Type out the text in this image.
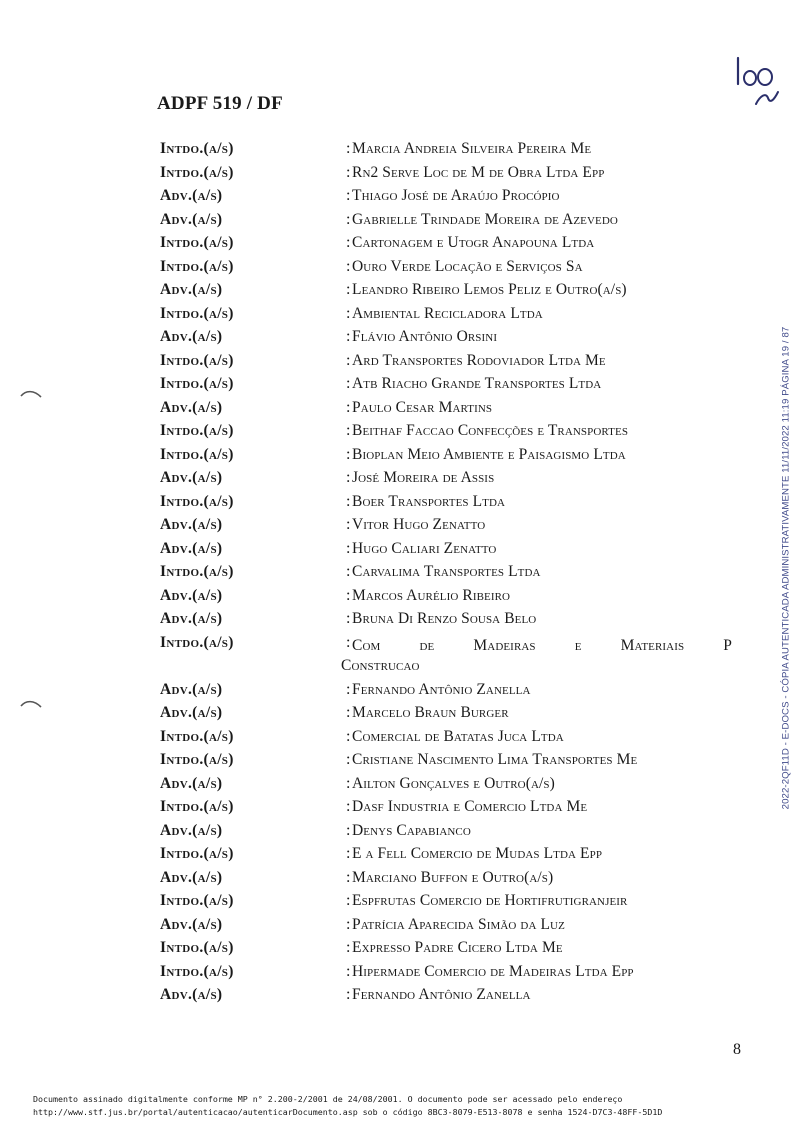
ADPF 519 / DF
Intdo.(a/s)	: Marcia Andreia Silveira Pereira Me
Intdo.(a/s)	: Rn2 Serve Loc de M de Obra Ltda Epp
Adv.(a/s)	: Thiago José de Araújo Procópio
Adv.(a/s)	: Gabrielle Trindade Moreira de Azevedo
Intdo.(a/s)	: Cartonagem e Utogr Anapouna Ltda
Intdo.(a/s)	: Ouro Verde Locação e Serviços Sa
Adv.(a/s)	: Leandro Ribeiro Lemos Peliz e Outro(a/s)
Intdo.(a/s)	: Ambiental Recicladora Ltda
Adv.(a/s)	: Flávio Antônio Orsini
Intdo.(a/s)	: Ard Transportes Rodoviador Ltda Me
Intdo.(a/s)	: Atb Riacho Grande Transportes Ltda
Adv.(a/s)	: Paulo Cesar Martins
Intdo.(a/s)	: Beithaf Faccao Confecções e Transportes
Intdo.(a/s)	: Bioplan Meio Ambiente e Paisagismo Ltda
Adv.(a/s)	: José Moreira de Assis
Intdo.(a/s)	: Boer Transportes Ltda
Adv.(a/s)	: Vitor Hugo Zenatto
Adv.(a/s)	: Hugo Caliari Zenatto
Intdo.(a/s)	: Carvalima Transportes Ltda
Adv.(a/s)	: Marcos Aurélio Ribeiro
Adv.(a/s)	: Bruna Di Renzo Sousa Belo
Intdo.(a/s)	: Com de Madeiras e Materiais P
Construcao
Adv.(a/s)	: Fernando Antônio Zanella
Adv.(a/s)	: Marcelo Braun Burger
Intdo.(a/s)	: Comercial de Batatas Juca Ltda
Intdo.(a/s)	: Cristiane Nascimento Lima Transportes Me
Adv.(a/s)	: Ailton Gonçalves e Outro(a/s)
Intdo.(a/s)	: Dasf Industria e Comercio Ltda Me
Adv.(a/s)	: Denys Capabianco
Intdo.(a/s)	: E a Fell Comercio de Mudas Ltda Epp
Adv.(a/s)	: Marciano Buffon e Outro(a/s)
Intdo.(a/s)	: Espfrutas Comercio de Hortifrutigranjeir
Adv.(a/s)	: Patrícia Aparecida Simão da Luz
Intdo.(a/s)	: Expresso Padre Cicero Ltda Me
Intdo.(a/s)	: Hipermade Comercio de Madeiras Ltda Epp
Adv.(a/s)	: Fernando Antônio Zanella
8
2022-2QF11D - E-DOCS - CÓPIA AUTENTICADA ADMINISTRATIVAMENTE 11/11/2022 11:19 PÁGINA 19 / 87
Documento assinado digitalmente conforme MP n° 2.200-2/2001 de 24/08/2001. O documento pode ser acessado pelo endereço
http://www.stf.jus.br/portal/autenticacao/autenticarDocumento.asp sob o código 8BC3-8079-E513-8078 e senha 1524-D7C3-48FF-5D1D
